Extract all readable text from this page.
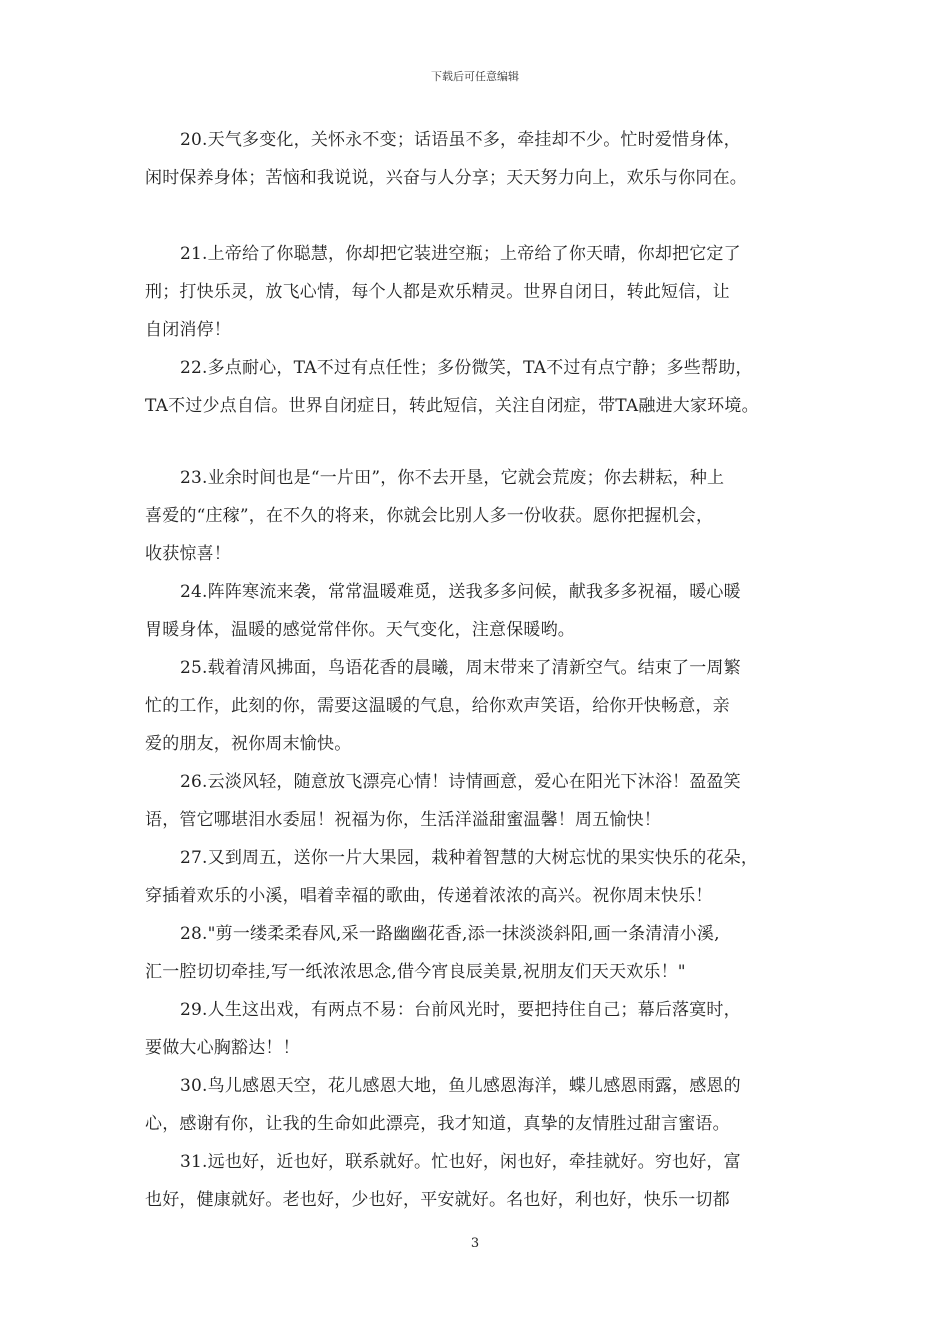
下载后可任意编辑
20.天气多变化，关怀永不变；话语虽不多，牵挂却不少。忙时爱惜身体，
闲时保养身体；苦恼和我说说，兴奋与人分享；天天努力向上，欢乐与你同在。
21.上帝给了你聪慧，你却把它装进空瓶；上帝给了你天晴，你却把它定了
刑；打快乐灵，放飞心情，每个人都是欢乐精灵。世界自闭日，转此短信，让
自闭消停！
22.多点耐心，TA不过有点任性；多份微笑，TA不过有点宁静；多些帮助，
TA不过少点自信。世界自闭症日，转此短信，关注自闭症，带TA融进大家环境。
23.业余时间也是“一片田”，你不去开垦，它就会荒废；你去耕耘，种上
喜爱的“庄稼”，在不久的将来，你就会比别人多一份收获。愿你把握机会，
收获惊喜！
24.阵阵寒流来袭，常常温暖难觅，送我多多问候，献我多多祝福，暖心暖
胃暖身体，温暖的感觉常伴你。天气变化，注意保暖哟。
25.载着清风拂面，鸟语花香的晨曦，周末带来了清新空气。结束了一周繁
忙的工作，此刻的你，需要这温暖的气息，给你欢声笑语，给你开快畅意，亲
爱的朋友，祝你周末愉快。
26.云淡风轻，随意放飞漂亮心情！诗情画意，爱心在阳光下沐浴！盈盈笑
语，管它哪堪泪水委屈！祝福为你，生活洋溢甜蜜温馨！周五愉快！
27.又到周五，送你一片大果园，栽种着智慧的大树忘忧的果实快乐的花朵，
穿插着欢乐的小溪，唱着幸福的歌曲，传递着浓浓的高兴。祝你周末快乐！
28."剪一缕柔柔春风,采一路幽幽花香,添一抹淡淡斜阳,画一条清清小溪,
汇一腔切切牵挂,写一纸浓浓思念,借今宵良辰美景,祝朋友们天天欢乐！"
29.人生这出戏，有两点不易：台前风光时，要把持住自己；幕后落寞时，
要做大心胸豁达！！
30.鸟儿感恩天空，花儿感恩大地，鱼儿感恩海洋，蝶儿感恩雨露，感恩的
心，感谢有你，让我的生命如此漂亮，我才知道，真挚的友情胜过甜言蜜语。
31.远也好，近也好，联系就好。忙也好，闲也好，牵挂就好。穷也好，富
也好，健康就好。老也好，少也好，平安就好。名也好，利也好，快乐一切都
3
